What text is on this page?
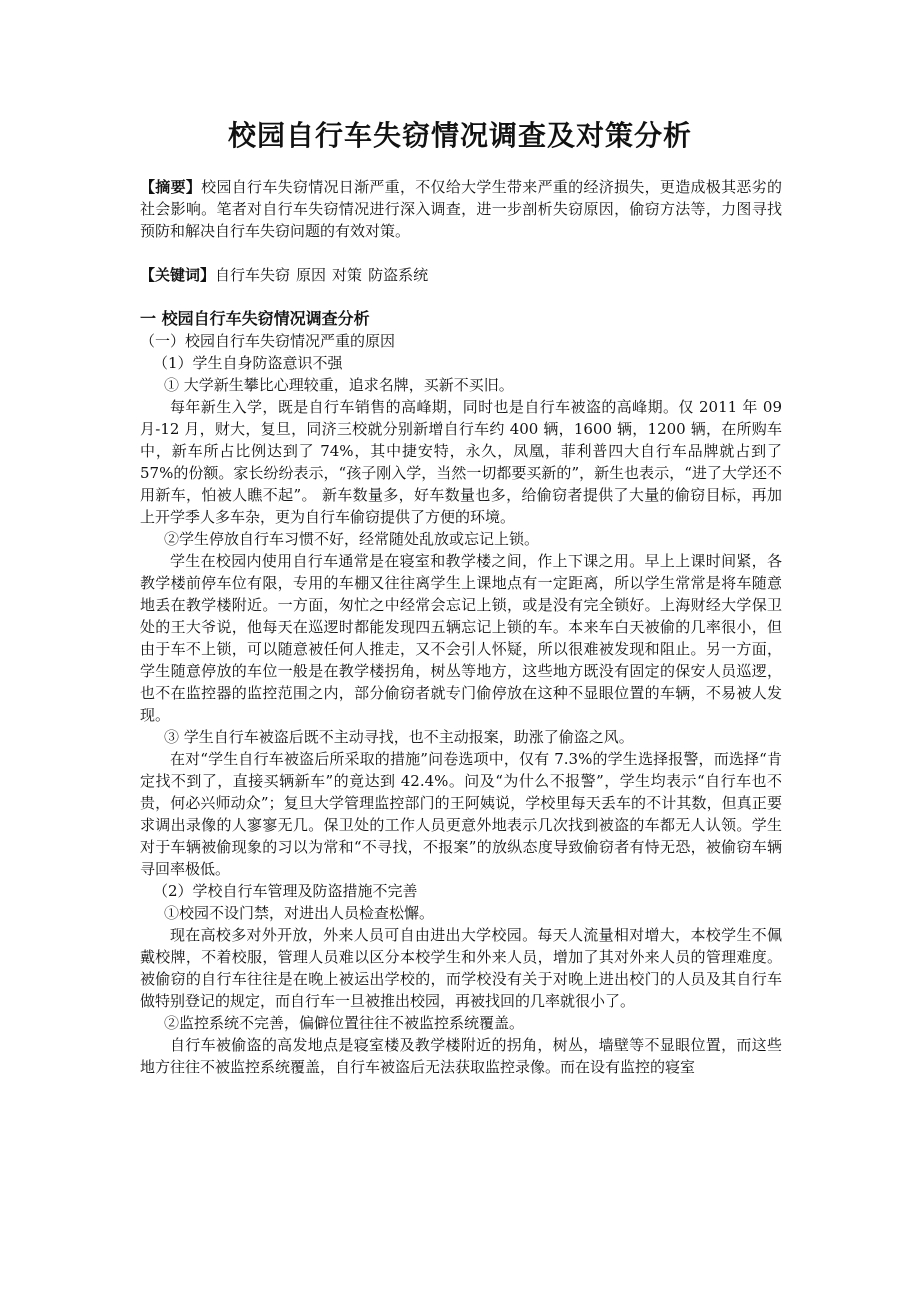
校园自行车失窃情况调查及对策分析

【摘要】校园自行车失窃情况日渐严重，不仅给大学生带来严重的经济损失，更造成极其恶劣的社会影响。笔者对自行车失窃情况进行深入调查，进一步剖析失窃原因，偷窃方法等，力图寻找预防和解决自行车失窃问题的有效对策。

【关键词】自行车失窃 原因 对策 防盗系统

一 校园自行车失窃情况调查分析

（一）校园自行车失窃情况严重的原因

（1）学生自身防盗意识不强

① 大学新生攀比心理较重，追求名牌，买新不买旧。

每年新生入学，既是自行车销售的高峰期，同时也是自行车被盗的高峰期。仅 2011 年 09 月-12 月，财大，复旦，同济三校就分别新增自行车约 400 辆，1600 辆，1200 辆，在所购车中，新车所占比例达到了 74%，其中捷安特，永久，凤凰，菲利普四大自行车品牌就占到了 57%的份额。家长纷纷表示，“孩子刚入学，当然一切都要买新的”，新生也表示，“进了大学还不用新车，怕被人瞧不起”。 新车数量多，好车数量也多，给偷窃者提供了大量的偷窃目标，再加上开学季人多车杂，更为自行车偷窃提供了方便的环境。

②学生停放自行车习惯不好，经常随处乱放或忘记上锁。

学生在校园内使用自行车通常是在寝室和教学楼之间，作上下课之用。早上上课时间紧，各教学楼前停车位有限，专用的车棚又往往离学生上课地点有一定距离，所以学生常常是将车随意地丢在教学楼附近。一方面，匆忙之中经常会忘记上锁，或是没有完全锁好。上海财经大学保卫处的王大爷说，他每天在巡逻时都能发现四五辆忘记上锁的车。本来车白天被偷的几率很小，但由于车不上锁，可以随意被任何人推走，又不会引人怀疑，所以很难被发现和阻止。另一方面，学生随意停放的车位一般是在教学楼拐角，树丛等地方，这些地方既没有固定的保安人员巡逻，也不在监控器的监控范围之内，部分偷窃者就专门偷停放在这种不显眼位置的车辆，不易被人发现。

③ 学生自行车被盗后既不主动寻找，也不主动报案，助涨了偷盗之风。

在对“学生自行车被盗后所采取的措施”问卷选项中，仅有 7.3%的学生选择报警，而选择“肯定找不到了，直接买辆新车”的竟达到 42.4%。问及“为什么不报警”，学生均表示“自行车也不贵，何必兴师动众”；复旦大学管理监控部门的王阿姨说，学校里每天丢车的不计其数，但真正要求调出录像的人寥寥无几。保卫处的工作人员更意外地表示几次找到被盗的车都无人认领。学生对于车辆被偷现象的习以为常和“不寻找，不报案”的放纵态度导致偷窃者有恃无恐，被偷窃车辆寻回率极低。

（2）学校自行车管理及防盗措施不完善

①校园不设门禁，对进出人员检查松懈。

现在高校多对外开放，外来人员可自由进出大学校园。每天人流量相对增大，本校学生不佩戴校牌，不着校服，管理人员难以区分本校学生和外来人员，增加了其对外来人员的管理难度。被偷窃的自行车往往是在晚上被运出学校的，而学校没有关于对晚上进出校门的人员及其自行车做特别登记的规定，而自行车一旦被推出校园，再被找回的几率就很小了。

②监控系统不完善，偏僻位置往往不被监控系统覆盖。

自行车被偷盗的高发地点是寝室楼及教学楼附近的拐角，树丛，墙壁等不显眼位置，而这些地方往往不被监控系统覆盖，自行车被盗后无法获取监控录像。而在设有监控的寝室
